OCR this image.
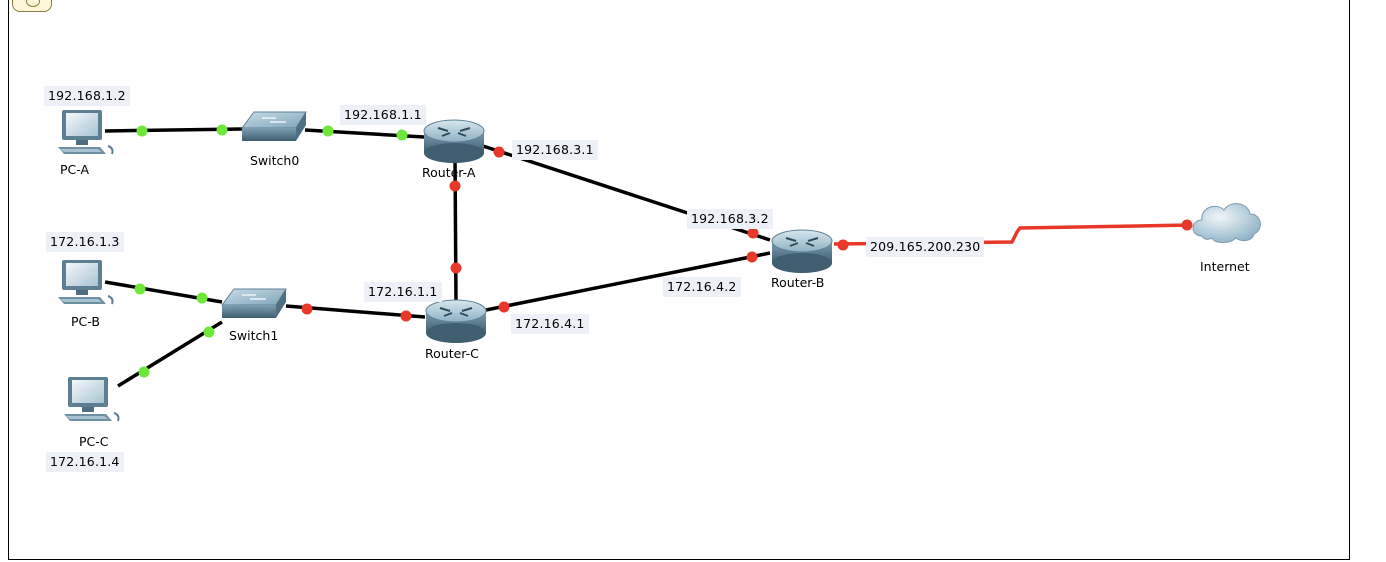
PC-A
PC-B
PC-C
Switch0
Switch1
Router-A
Router-C
Router-B
Internet
192.168.1.2
172.16.1.3
172.16.1.4
192.168.1.1
192.168.3.1
192.168.3.2
172.16.4.2
209.165.200.230
172.16.1.1
172.16.4.1
